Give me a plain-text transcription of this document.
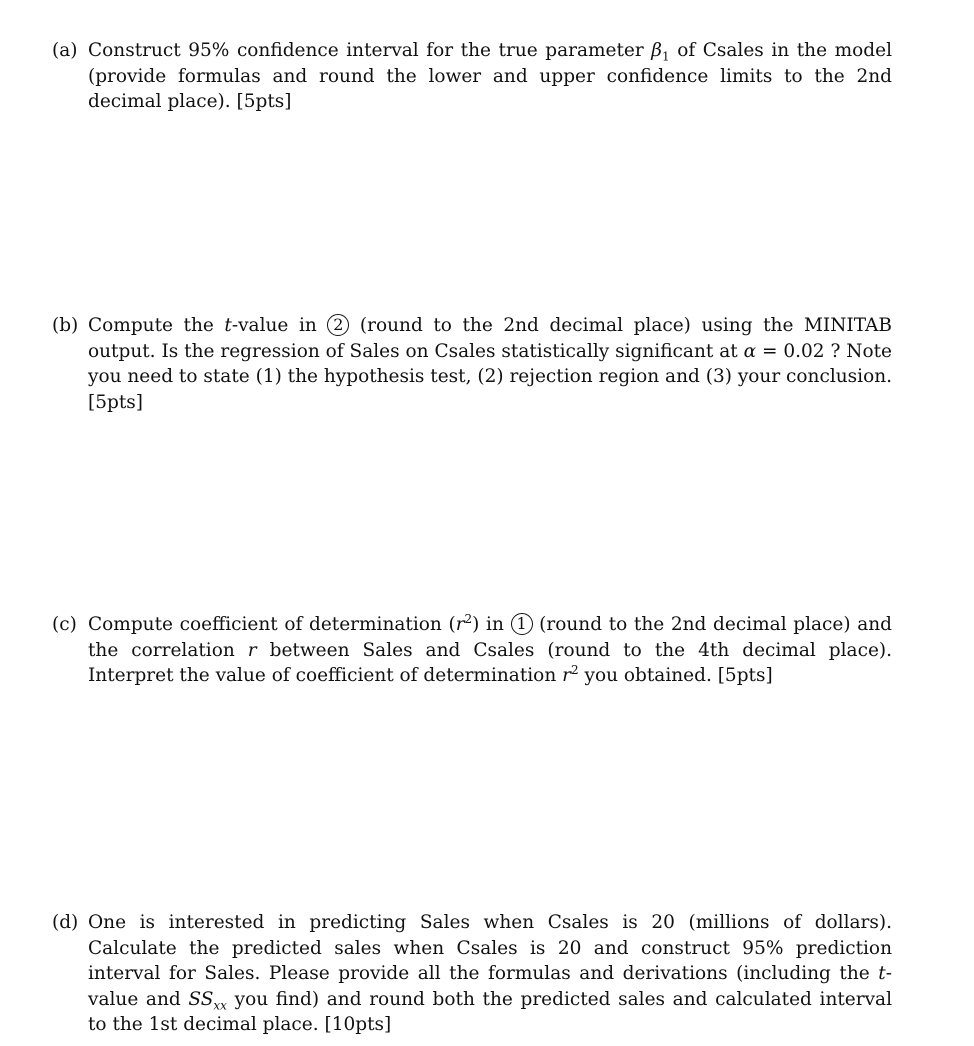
(a) Construct 95% confidence interval for the true parameter $\beta_1$ of Csales in the model (provide formulas and round the lower and upper confidence limits to the 2nd decimal place). [5pts]
(b) Compute the t-value in 2 (round to the 2nd decimal place) using the MINITAB output. Is the regression of Sales on Csales statistically significant at α = 0.02 ? Note you need to state (1) the hypothesis test, (2) rejection region and (3) your conclusion. [5pts]
(c) Compute coefficient of determination $(r^2)$ in 1 (round to the 2nd decimal place) and the correlation r between Sales and Csales (round to the 4th decimal place). Interpret the value of coefficient of determination $r^2$ you obtained. [5pts]
(d) One is interested in predicting Sales when Csales is 20 (millions of dollars). Calculate the predicted sales when Csales is 20 and construct 95% prediction interval for Sales. Please provide all the formulas and derivations (including the t-value and $SS_{xx}$ you find) and round both the predicted sales and calculated interval to the 1st decimal place. [10pts]
